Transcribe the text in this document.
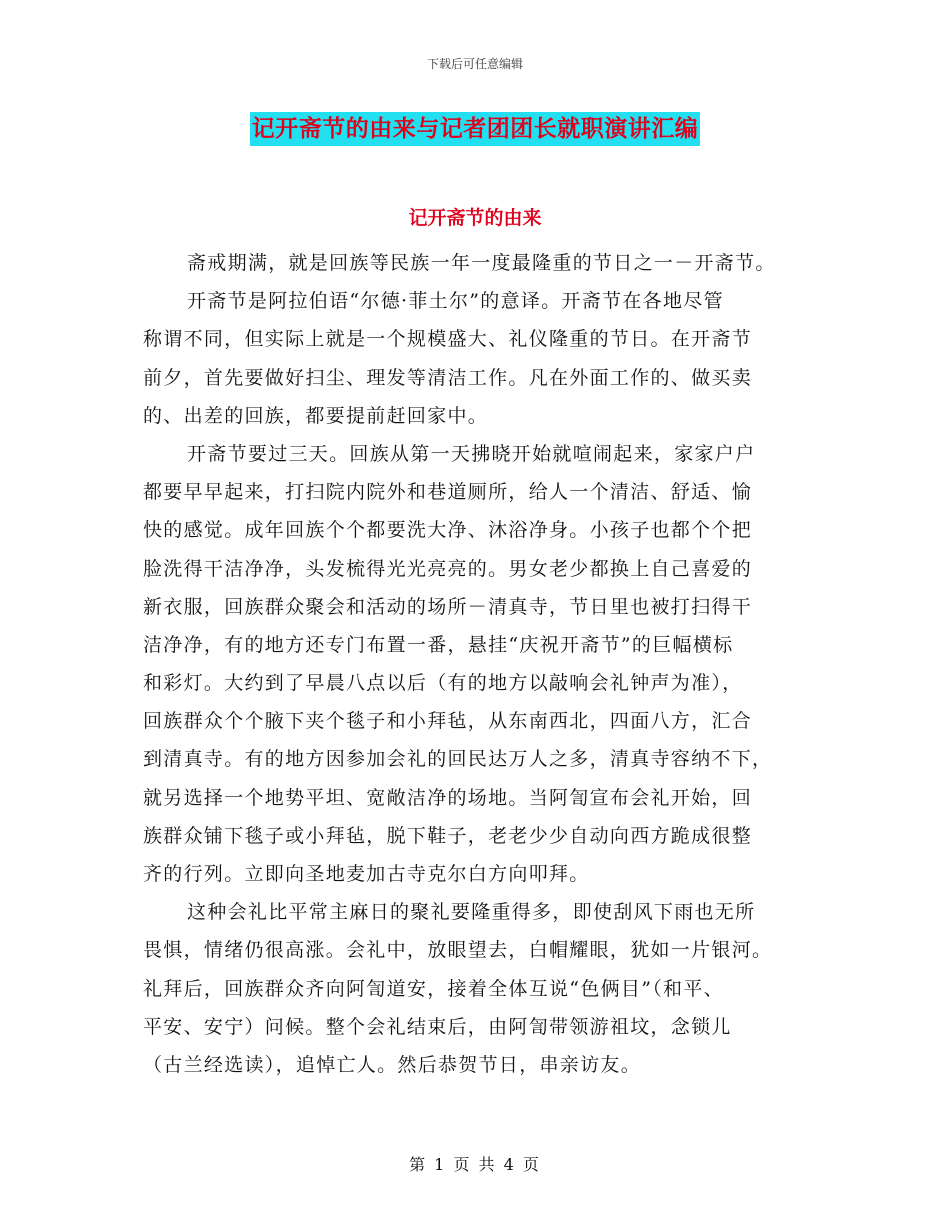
下载后可任意编辑
记开斋节的由来与记者团团长就职演讲汇编
记开斋节的由来
斋戒期满，就是回族等民族一年一度最隆重的节日之一－开斋节。
开斋节是阿拉伯语“尔德·菲土尔”的意译。开斋节在各地尽管
称谓不同，但实际上就是一个规模盛大、礼仪隆重的节日。在开斋节
前夕，首先要做好扫尘、理发等清洁工作。凡在外面工作的、做买卖
的、出差的回族，都要提前赶回家中。
开斋节要过三天。回族从第一天拂晓开始就喧闹起来，家家户户
都要早早起来，打扫院内院外和巷道厕所，给人一个清洁、舒适、愉
快的感觉。成年回族个个都要洗大净、沐浴净身。小孩子也都个个把
脸洗得干洁净净，头发梳得光光亮亮的。男女老少都换上自己喜爱的
新衣服，回族群众聚会和活动的场所－清真寺，节日里也被打扫得干
洁净净，有的地方还专门布置一番，悬挂“庆祝开斋节”的巨幅横标
和彩灯。大约到了早晨八点以后（有的地方以敲响会礼钟声为准），
回族群众个个腋下夹个毯子和小拜毡，从东南西北，四面八方，汇合
到清真寺。有的地方因参加会礼的回民达万人之多，清真寺容纳不下，
就另选择一个地势平坦、宽敞洁净的场地。当阿訇宣布会礼开始，回
族群众铺下毯子或小拜毡，脱下鞋子，老老少少自动向西方跪成很整
齐的行列。立即向圣地麦加古寺克尔白方向叩拜。
这种会礼比平常主麻日的聚礼要隆重得多，即使刮风下雨也无所
畏惧，情绪仍很高涨。会礼中，放眼望去，白帽耀眼，犹如一片银河。
礼拜后，回族群众齐向阿訇道安，接着全体互说“色俩目”（和平、
平安、安宁）问候。整个会礼结束后，由阿訇带领游祖坟，念锁儿
（古兰经选读），追悼亡人。然后恭贺节日，串亲访友。
第 1 页 共 4 页
